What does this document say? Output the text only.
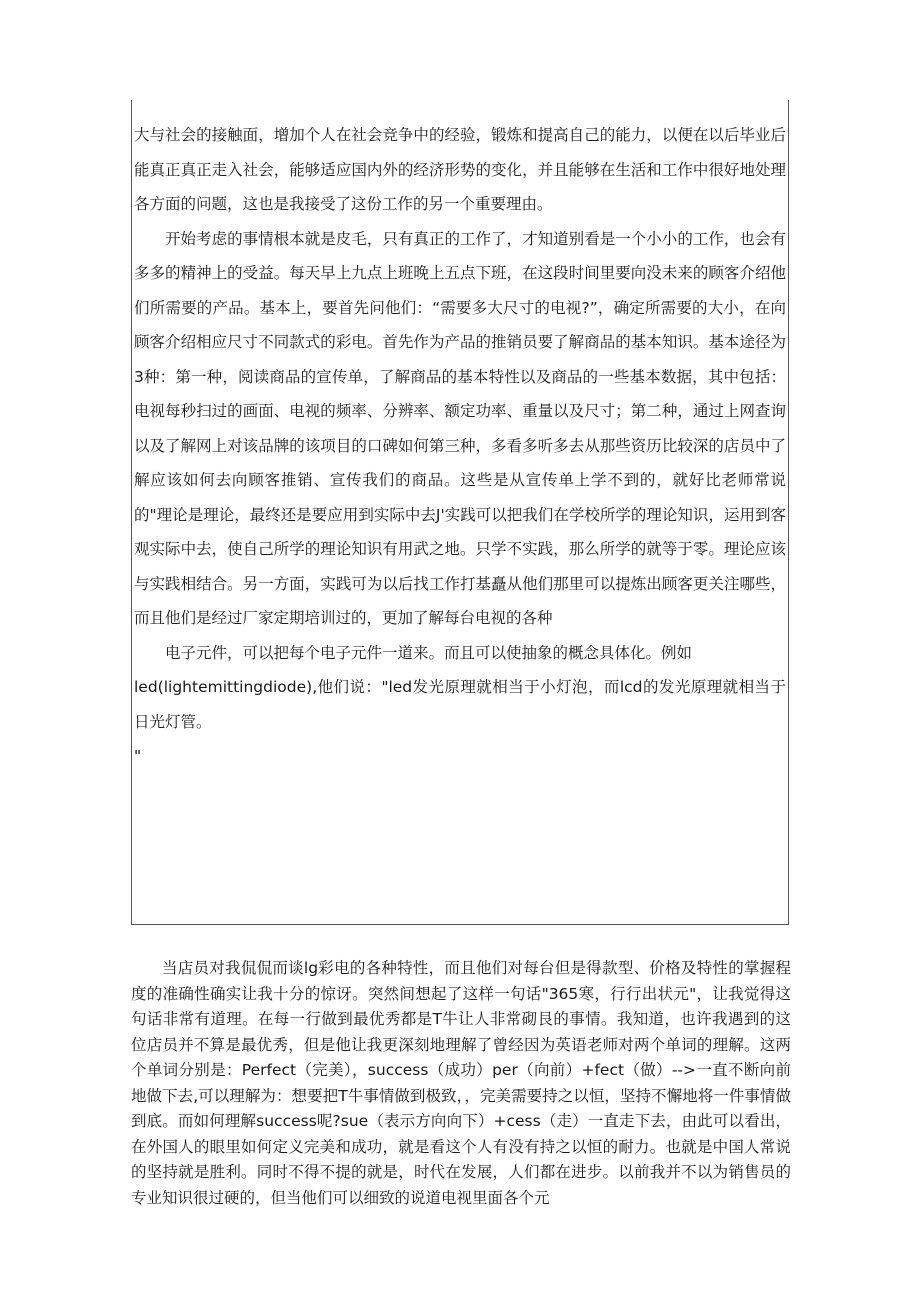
大与社会的接触面，增加个人在社会竞争中的经验，锻炼和提高自己的能力，以便在以后毕业后能真正真正走入社会，能够适应国内外的经济形势的变化，并且能够在生活和工作中很好地处理各方面的问题，这也是我接受了这份工作的另一个重要理由。

开始考虑的事情根本就是皮毛，只有真正的工作了，才知道别看是一个小小的工作，也会有多多的精神上的受益。每天早上九点上班晚上五点下班，在这段时间里要向没未来的顾客介绍他们所需要的产品。基本上，要首先问他们：“需要多大尺寸的电视?”，确定所需要的大小，在向顾客介绍相应尺寸不同款式的彩电。首先作为产品的推销员要了解商品的基本知识。基本途径为3种：第一种，阅读商品的宣传单，了解商品的基本特性以及商品的一些基本数据，其中包括：电视每秒扫过的画面、电视的频率、分辨率、额定功率、重量以及尺寸；第二种，通过上网查询以及了解网上对该品牌的该项目的口碑如何第三种，多看多听多去从那些资历比较深的店员中了解应该如何去向顾客推销、宣传我们的商品。这些是从宣传单上学不到的，就好比老师常说的"理论是理论，最终还是要应用到实际中去J'实践可以把我们在学校所学的理论知识，运用到客观实际中去，使自己所学的理论知识有用武之地。只学不实践，那么所学的就等于零。理论应该与实践相结合。另一方面，实践可为以后找工作打基矗从他们那里可以提炼出顾客更关注哪些，而且他们是经过厂家定期培训过的，更加了解每台电视的各种

电子元件，可以把每个电子元件一道来。而且可以使抽象的概念具体化。例如

led(lightemittingdiode),他们说："led发光原理就相当于小灯泡，而lcd的发光原理就相当于日光灯管。

"

当店员对我侃侃而谈lg彩电的各种特性，而且他们对每台但是得款型、价格及特性的掌握程度的准确性确实让我十分的惊讶。突然间想起了这样一句话"365寒，行行出状元"，让我觉得这句话非常有道理。在每一行做到最优秀都是T牛让人非常砌艮的事情。我知道，也许我遇到的这位店员并不算是最优秀，但是他让我更深刻地理解了曾经因为英语老师对两个单词的理解。这两个单词分别是：Perfect（完美），success（成功）per（向前）+fect（做）-->一直不断向前地做下去,可以理解为：想要把T牛事情做到极致，，完美需要持之以恒，坚持不懈地将一件事情做到底。而如何理解success呢?sue（表示方向向下）+cess（走）一直走下去，由此可以看出，在外国人的眼里如何定义完美和成功，就是看这个人有没有持之以恒的耐力。也就是中国人常说的坚持就是胜利。同时不得不提的就是，时代在发展，人们都在进步。以前我并不以为销售员的专业知识很过硬的，但当他们可以细致的说道电视里面各个元
